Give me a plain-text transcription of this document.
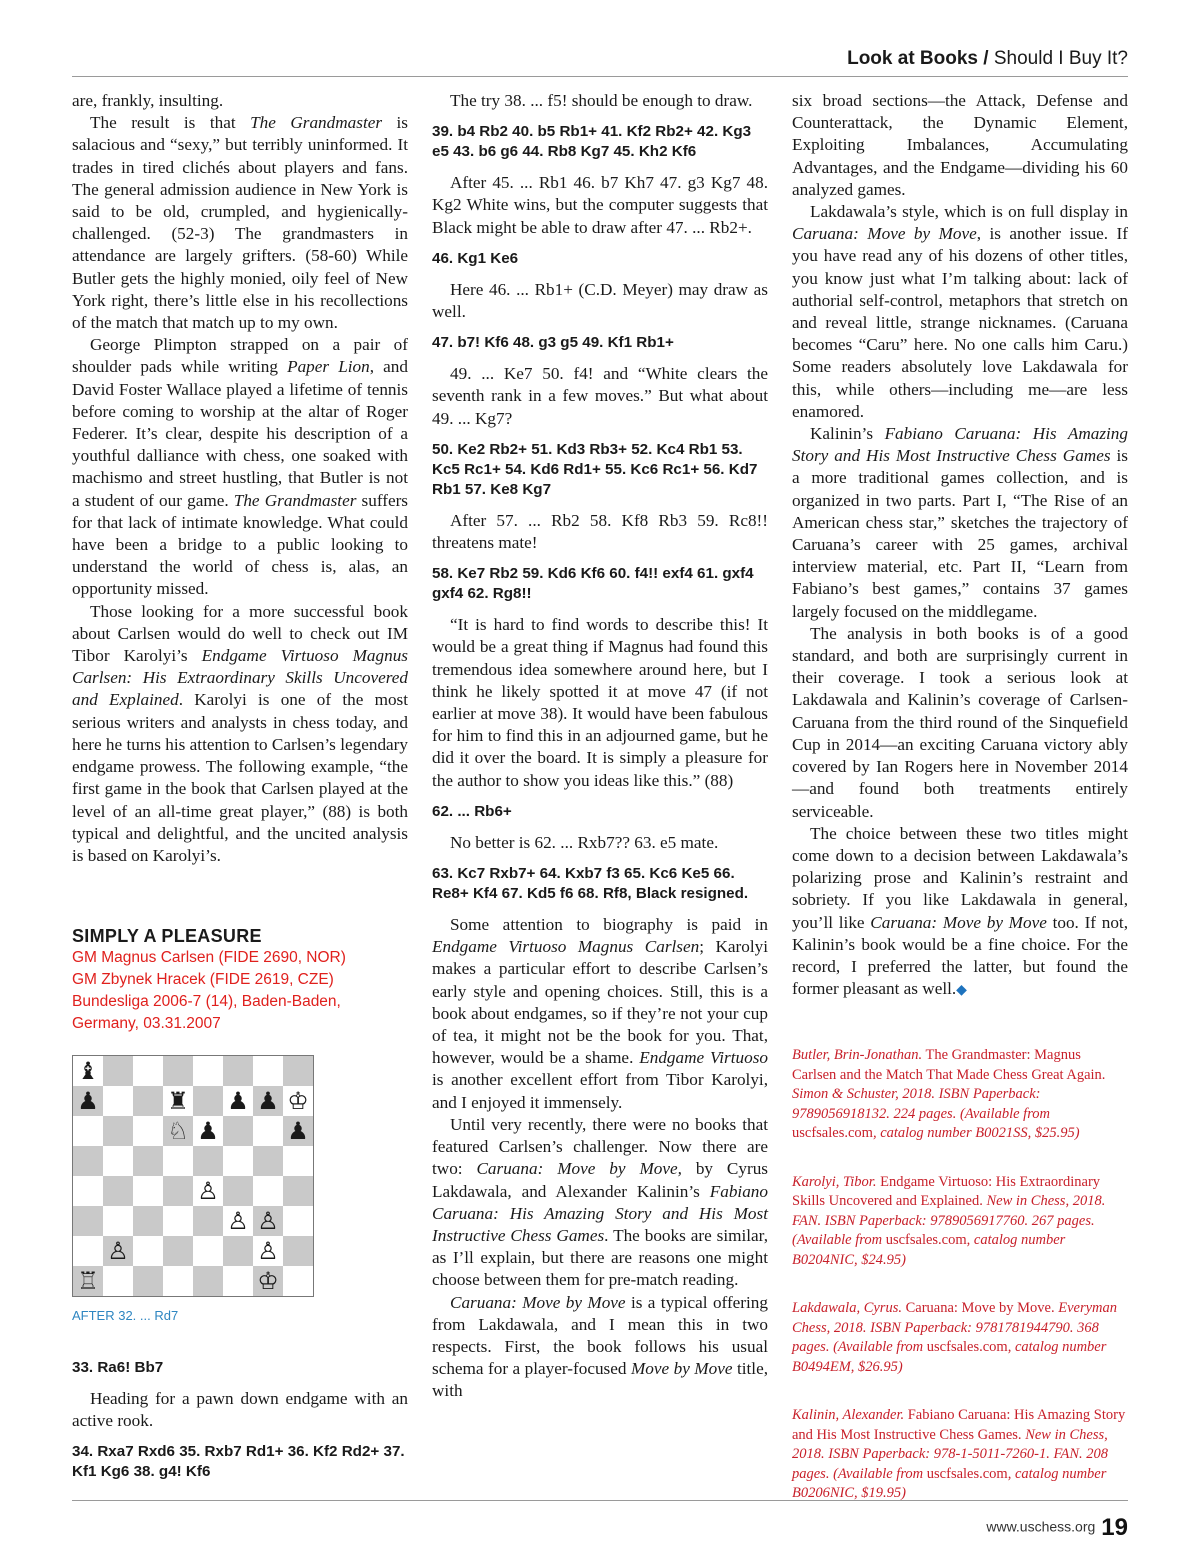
Look at Books / Should I Buy It?

are, frankly, insulting.

The result is that The Grandmaster is salacious and “sexy,” but terribly uninformed. It trades in tired clichés about players and fans. The general admission audience in New York is said to be old, crumpled, and hygienically-challenged. (52-3) The grandmasters in attendance are largely grifters. (58-60) While Butler gets the highly monied, oily feel of New York right, there’s little else in his recollections of the match that match up to my own.

George Plimpton strapped on a pair of shoulder pads while writing Paper Lion, and David Foster Wallace played a lifetime of tennis before coming to worship at the altar of Roger Federer. It’s clear, despite his description of a youthful dalliance with chess, one soaked with machismo and street hustling, that Butler is not a student of our game. The Grandmaster suffers for that lack of intimate knowledge. What could have been a bridge to a public looking to understand the world of chess is, alas, an opportunity missed.

Those looking for a more successful book about Carlsen would do well to check out IM Tibor Karolyi’s Endgame Virtuoso Magnus Carlsen: His Extraordinary Skills Uncovered and Explained. Karolyi is one of the most serious writers and analysts in chess today, and here he turns his attention to Carlsen’s legendary endgame prowess. The following example, “the first game in the book that Carlsen played at the level of an all-time great player,” (88) is both typical and delightful, and the uncited analysis is based on Karolyi’s.

SIMPLY A PLEASURE
GM Magnus Carlsen (FIDE 2690, NOR)
GM Zbynek Hracek (FIDE 2619, CZE)
Bundesliga 2006-7 (14), Baden-Baden, Germany, 03.31.2007
♝
♟	♜ ♟ ♟ ♔
♘ ♟	♟
♙
♙ ♙
♙	♙
♖	♔
AFTER 32. ... Rd7
33. Ra6! Bb7

Heading for a pawn down endgame with an active rook.

34. Rxa7 Rxd6 35. Rxb7 Rd1+ 36. Kf2 Rd2+ 37. Kf1 Kg6 38. g4! Kf6

The try 38. ... f5! should be enough to draw.

39. b4 Rb2 40. b5 Rb1+ 41. Kf2 Rb2+ 42. Kg3 e5 43. b6 g6 44. Rb8 Kg7 45. Kh2 Kf6

After 45. ... Rb1 46. b7 Kh7 47. g3 Kg7 48. Kg2 White wins, but the computer suggests that Black might be able to draw after 47. ... Rb2+.

46. Kg1 Ke6

Here 46. ... Rb1+ (C.D. Meyer) may draw as well.

47. b7! Kf6 48. g3 g5 49. Kf1 Rb1+

49. ... Ke7 50. f4! and “White clears the seventh rank in a few moves.” But what about 49. ... Kg7?

50. Ke2 Rb2+ 51. Kd3 Rb3+ 52. Kc4 Rb1 53. Kc5 Rc1+ 54. Kd6 Rd1+ 55. Kc6 Rc1+ 56. Kd7 Rb1 57. Ke8 Kg7

After 57. ... Rb2 58. Kf8 Rb3 59. Rc8!! threatens mate!

58. Ke7 Rb2 59. Kd6 Kf6 60. f4!! exf4 61. gxf4 gxf4 62. Rg8!!

“It is hard to find words to describe this! It would be a great thing if Magnus had found this tremendous idea somewhere around here, but I think he likely spotted it at move 47 (if not earlier at move 38). It would have been fabulous for him to find this in an adjourned game, but he did it over the board. It is simply a pleasure for the author to show you ideas like this.” (88)

62. ... Rb6+

No better is 62. ... Rxb7?? 63. e5 mate.

63. Kc7 Rxb7+ 64. Kxb7 f3 65. Kc6 Ke5 66. Re8+ Kf4 67. Kd5 f6 68. Rf8, Black resigned.

Some attention to biography is paid in Endgame Virtuoso Magnus Carlsen; Karolyi makes a particular effort to describe Carlsen’s early style and opening choices. Still, this is a book about endgames, so if they’re not your cup of tea, it might not be the book for you. That, however, would be a shame. Endgame Virtuoso is another excellent effort from Tibor Karolyi, and I enjoyed it immensely.

Until very recently, there were no books that featured Carlsen’s challenger. Now there are two: Caruana: Move by Move, by Cyrus Lakdawala, and Alexander Kalinin’s Fabiano Caruana: His Amazing Story and His Most Instructive Chess Games. The books are similar, as I’ll explain, but there are reasons one might choose between them for pre-match reading.

Caruana: Move by Move is a typical offering from Lakdawala, and I mean this in two respects. First, the book follows his usual schema for a player-focused Move by Move title, with

six broad sections—the Attack, Defense and Counterattack, the Dynamic Element, Exploiting Imbalances, Accumulating Advantages, and the Endgame—dividing his 60 analyzed games.

Lakdawala’s style, which is on full display in Caruana: Move by Move, is another issue. If you have read any of his dozens of other titles, you know just what I’m talking about: lack of authorial self-control, metaphors that stretch on and reveal little, strange nicknames. (Caruana becomes “Caru” here. No one calls him Caru.) Some readers absolutely love Lakdawala for this, while others—including me—are less enamored.

Kalinin’s Fabiano Caruana: His Amazing Story and His Most Instructive Chess Games is a more traditional games collection, and is organized in two parts. Part I, “The Rise of an American chess star,” sketches the trajectory of Caruana’s career with 25 games, archival interview material, etc. Part II, “Learn from Fabiano’s best games,” contains 37 games largely focused on the middlegame.

The analysis in both books is of a good standard, and both are surprisingly current in their coverage. I took a serious look at Lakdawala and Kalinin’s coverage of Carlsen-Caruana from the third round of the Sinquefield Cup in 2014—an exciting Caruana victory ably covered by Ian Rogers here in November 2014—and found both treatments entirely serviceable.

The choice between these two titles might come down to a decision between Lakdawala’s polarizing prose and Kalinin’s restraint and sobriety. If you like Lakdawala in general, you’ll like Caruana: Move by Move too. If not, Kalinin’s book would be a fine choice. For the record, I preferred the latter, but found the former pleasant as well.◆

Butler, Brin-Jonathan. The Grandmaster: Magnus Carlsen and the Match That Made Chess Great Again. Simon & Schuster, 2018. ISBN Paperback: 9789056918132. 224 pages. (Available from uscfsales.com, catalog number B0021SS, $25.95)
Karolyi, Tibor. Endgame Virtuoso: His Extraordinary Skills Uncovered and Explained. New in Chess, 2018. FAN. ISBN Paperback: 9789056917760. 267 pages. (Available from uscfsales.com, catalog number B0204NIC, $24.95)
Lakdawala, Cyrus. Caruana: Move by Move. Everyman Chess, 2018. ISBN Paperback: 9781781944790. 368 pages. (Available from uscfsales.com, catalog number B0494EM, $26.95)
Kalinin, Alexander. Fabiano Caruana: His Amazing Story and His Most Instructive Chess Games. New in Chess, 2018. ISBN Paperback: 978-1-5011-7260-1. FAN. 208 pages. (Available from uscfsales.com, catalog number B0206NIC, $19.95)
www.uschess.org 19
